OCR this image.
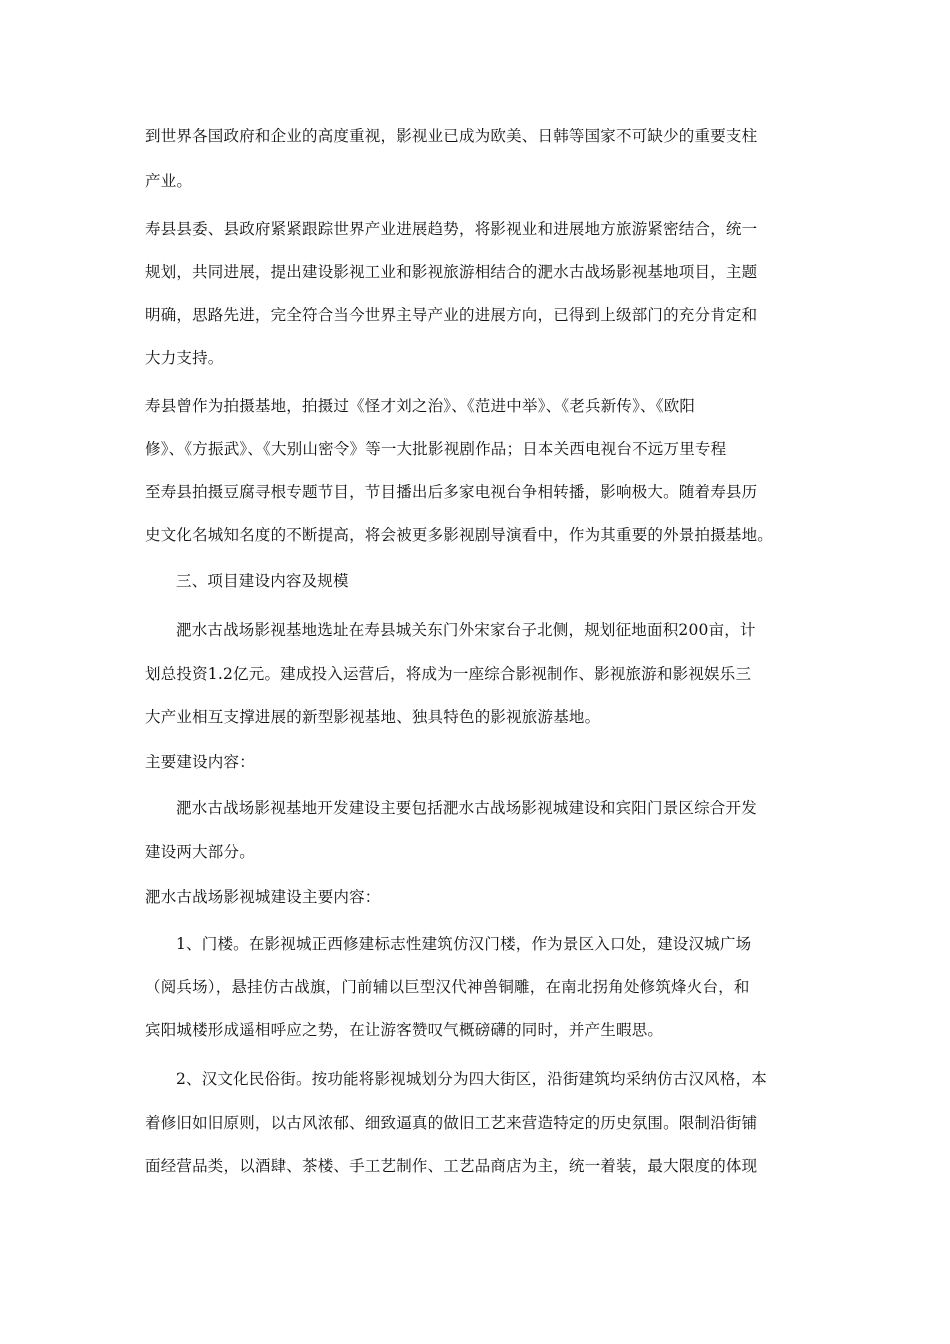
到世界各国政府和企业的高度重视，影视业已成为欧美、日韩等国家不可缺少的重要支柱
产业。
寿县县委、县政府紧紧跟踪世界产业进展趋势，将影视业和进展地方旅游紧密结合，统一
规划，共同进展，提出建设影视工业和影视旅游相结合的淝水古战场影视基地项目，主题
明确，思路先进，完全符合当今世界主导产业的进展方向，已得到上级部门的充分肯定和
大力支持。
寿县曾作为拍摄基地，拍摄过《怪才刘之治》、《范进中举》、《老兵新传》、《欧阳
修》、《方振武》、《大别山密令》等一大批影视剧作品；日本关西电视台不远万里专程
至寿县拍摄豆腐寻根专题节目，节目播出后多家电视台争相转播，影响极大。随着寿县历
史文化名城知名度的不断提高，将会被更多影视剧导演看中，作为其重要的外景拍摄基地。
三、项目建设内容及规模
淝水古战场影视基地选址在寿县城关东门外宋家台子北侧，规划征地面积200亩，计
划总投资1.2亿元。建成投入运营后，将成为一座综合影视制作、影视旅游和影视娱乐三
大产业相互支撑进展的新型影视基地、独具特色的影视旅游基地。
主要建设内容：
淝水古战场影视基地开发建设主要包括淝水古战场影视城建设和宾阳门景区综合开发
建设两大部分。
淝水古战场影视城建设主要内容：
1、门楼。在影视城正西修建标志性建筑仿汉门楼，作为景区入口处，建设汉城广场
（阅兵场），悬挂仿古战旗，门前辅以巨型汉代神兽铜雕，在南北拐角处修筑烽火台，和
宾阳城楼形成遥相呼应之势，在让游客赞叹气概磅礴的同时，并产生暇思。
2、汉文化民俗街。按功能将影视城划分为四大街区，沿街建筑均采纳仿古汉风格，本
着修旧如旧原则，以古风浓郁、细致逼真的做旧工艺来营造特定的历史氛围。限制沿街铺
面经营品类，以酒肆、茶楼、手工艺制作、工艺品商店为主，统一着装，最大限度的体现
